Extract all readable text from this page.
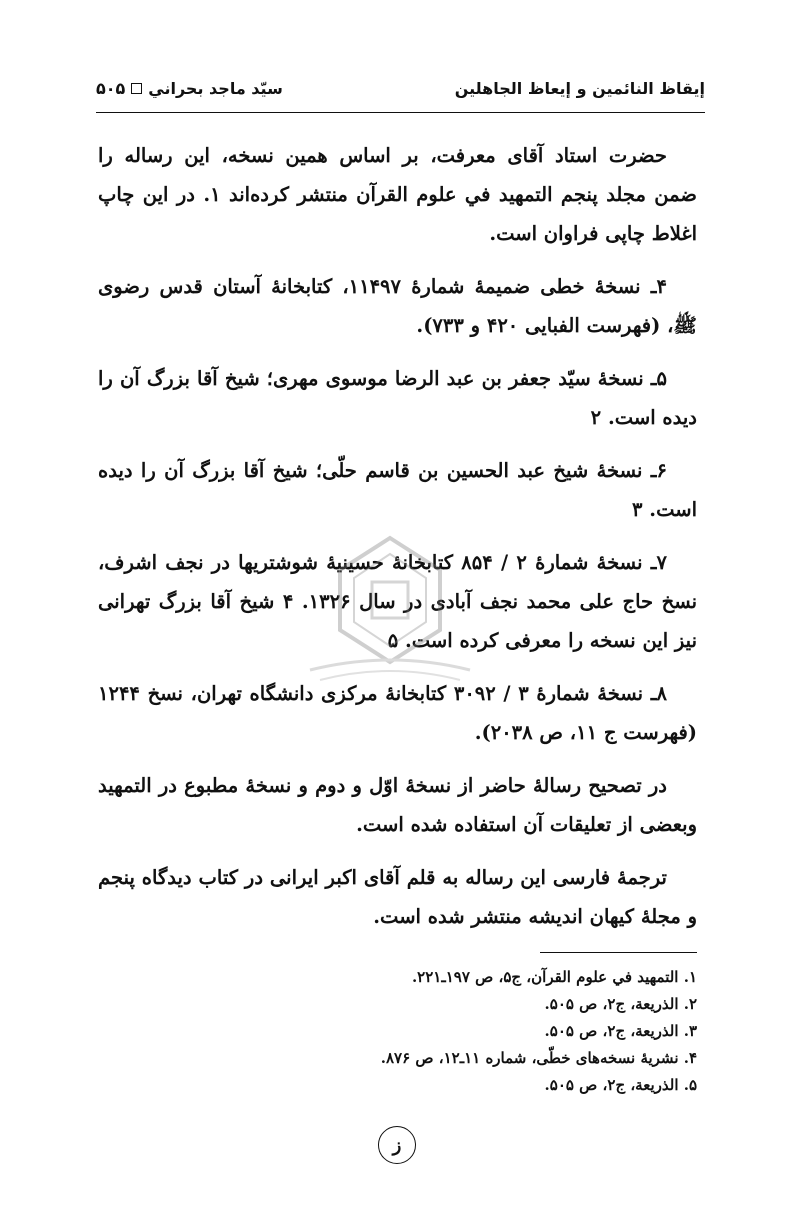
إيقاظ النائمين و إيعاظ الجاهلين
سيّد ماجد بحراني
۵۰۵

حضرت استاد آقای معرفت، بر اساس همین نسخه، این رساله را ضمن مجلد پنجم التمهيد في علوم القرآن منتشر کرده‌اند ۱. در این چاپ اغلاط چاپی فراوان است.

۴ـ نسخهٔ خطی ضمیمهٔ شمارهٔ ۱۱۴۹۷، کتابخانهٔ آستان قدس رضوی ﷺ، (فهرست الفبایی ۴۲۰ و ۷۳۳).

۵ـ نسخهٔ سیّد جعفر بن عبد الرضا موسوی مهری؛ شیخ آقا بزرگ آن را دیده است. ۲

۶ـ نسخهٔ شیخ عبد الحسین بن قاسم حلّی؛ شیخ آقا بزرگ آن را دیده است. ۳

۷ـ نسخهٔ شمارهٔ ۲ / ۸۵۴ کتابخانهٔ حسینیهٔ شوشتریها در نجف اشرف، نسخ حاج علی محمد نجف آبادی در سال ۱۳۲۶. ۴ شیخ آقا بزرگ تهرانی نیز این نسخه را معرفی کرده است. ۵

۸ـ نسخهٔ شمارهٔ ۳ / ۳۰۹۲ کتابخانهٔ مرکزی دانشگاه تهران، نسخ ۱۲۴۴ (فهرست ج ۱۱، ص ۲۰۳۸).

در تصحیح رسالهٔ حاضر از نسخهٔ اوّل و دوم و نسخهٔ مطبوع در التمهید وبعضی از تعلیقات آن استفاده شده است.

ترجمهٔ فارسی این رساله به قلم آقای اکبر ایرانی در کتاب دیدگاه پنجم و مجلهٔ کیهان اندیشه منتشر شده است.

۱. التمهيد في علوم القرآن، ج۵، ص ۱۹۷ـ۲۲۱.

۲. الذريعة، ج۲، ص ۵۰۵.

۳. الذريعة، ج۲، ص ۵۰۵.

۴. نشریهٔ نسخه‌های خطّی، شماره ۱۱ـ۱۲، ص ۸۷۶.

۵. الذريعة، ج۲، ص ۵۰۵.

ز
